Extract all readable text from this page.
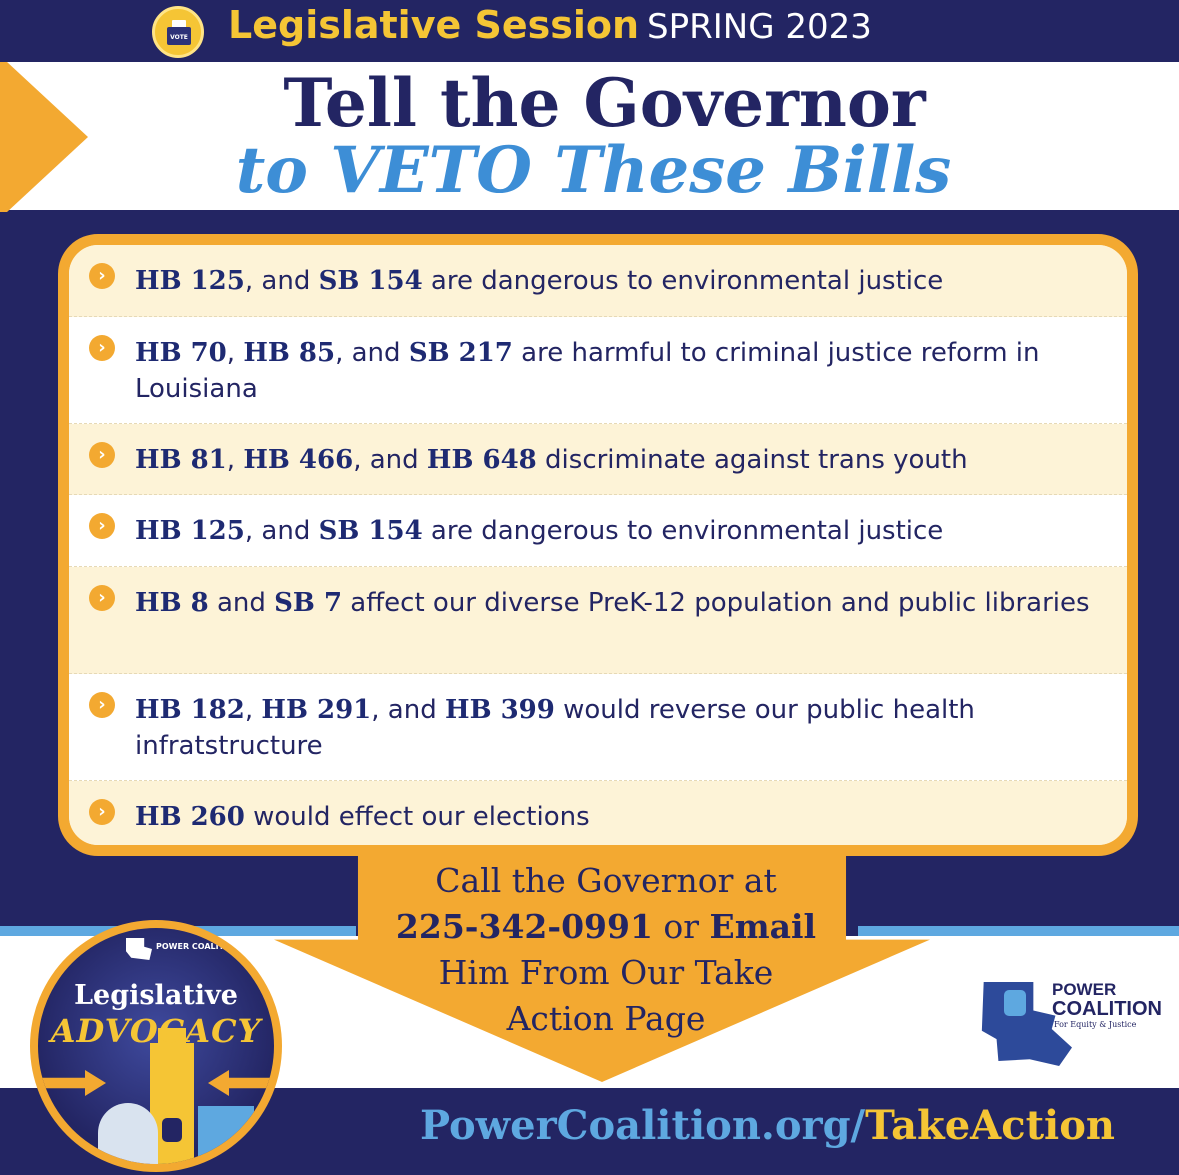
VOTE Legislative Session SPRING 2023
Tell the Governor
to VETO These Bills
›	HB 125, and SB 154 are dangerous to environmental justice
›	HB 70, HB 85, and SB 217 are harmful to criminal justice reform in Louisiana
›	HB 81, HB 466, and HB 648 discriminate against trans youth
›	HB 125, and SB 154 are dangerous to environmental justice
›	HB 8 and SB 7 affect our diverse PreK-12 population and public libraries
›	HB 182, HB 291, and HB 399 would reverse our public health infratstructure
›	HB 260 would effect our elections
Call the Governor at
225-342-0991 or Email
Him From Our Take
Action Page
POWER COALITION
Legislative
ADVOCACY
POWER
COALITION
For Equity & Justice
PowerCoalition.org/TakeAction
